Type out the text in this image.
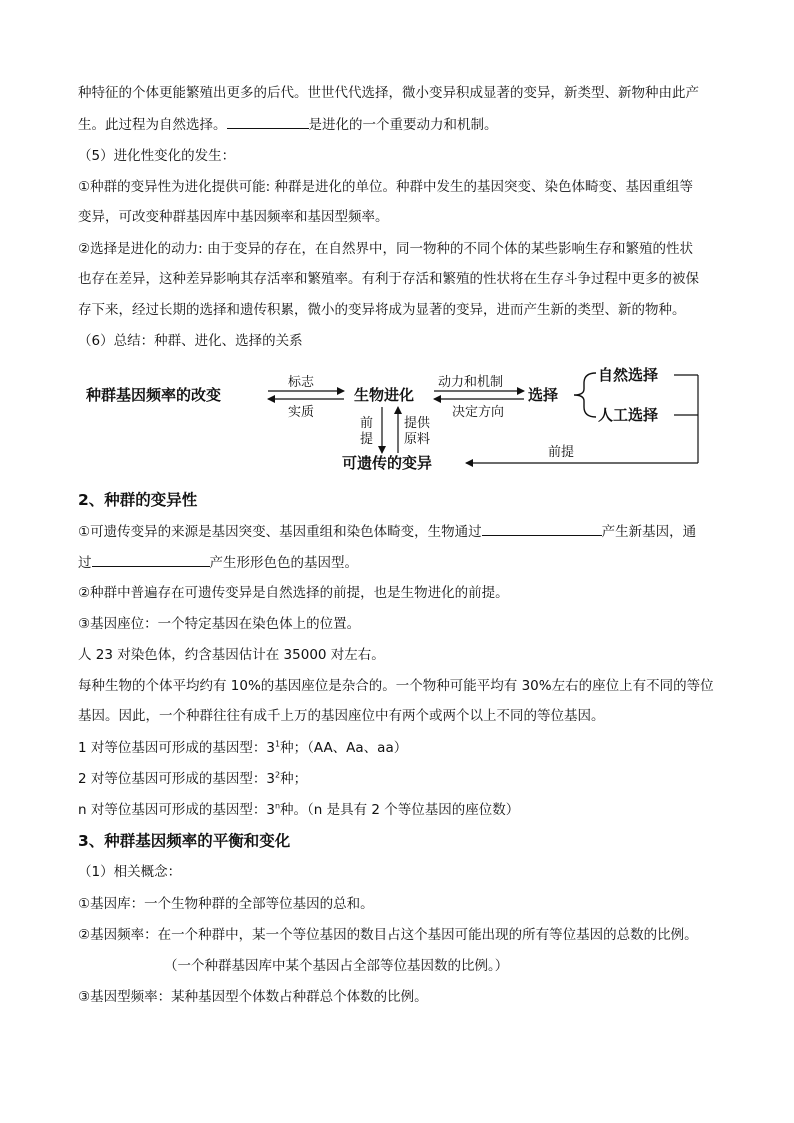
种特征的个体更能繁殖出更多的后代。世世代代选择，微小变异积成显著的变异，新类型、新物种由此产
生。此过程为自然选择。	是进化的一个重要动力和机制。
（5）进化性变化的发生：
①种群的变异性为进化提供可能: 种群是进化的单位。种群中发生的基因突变、染色体畸变、基因重组等
变异，可改变种群基因库中基因频率和基因型频率。
②选择是进化的动力: 由于变异的存在，在自然界中，同一物种的不同个体的某些影响生存和繁殖的性状
也存在差异，这种差异影响其存活率和繁殖率。有利于存活和繁殖的性状将在生存斗争过程中更多的被保
存下来，经过长期的选择和遗传积累，微小的变异将成为显著的变异，进而产生新的类型、新的物种。
（6）总结：种群、进化、选择的关系
种群基因频率的改变
标志
实质
生物进化
动力和机制
决定方向
选择
自然选择
人工选择
前提
前
提
提供
原料
可遗传的变异
2、种群的变异性
①可遗传变异的来源是基因突变、基因重组和染色体畸变，生物通过	产生新基因，通
过	产生形形色色的基因型。
②种群中普遍存在可遗传变异是自然选择的前提，也是生物进化的前提。
③基因座位：一个特定基因在染色体上的位置。
人 23 对染色体，约含基因估计在 35000 对左右。
每种生物的个体平均约有 10%的基因座位是杂合的。一个物种可能平均有 30%左右的座位上有不同的等位
基因。因此，一个种群往往有成千上万的基因座位中有两个或两个以上不同的等位基因。
1 对等位基因可形成的基因型：$3^1$种；（AA、Aa、aa）
2 对等位基因可形成的基因型：$3^2$种；
n 对等位基因可形成的基因型：3$^n$种。（n 是具有 2 个等位基因的座位数）
3、种群基因频率的平衡和变化
（1）相关概念：
①基因库：一个生物种群的全部等位基因的总和。
②基因频率：在一个种群中，某一个等位基因的数目占这个基因可能出现的所有等位基因的总数的比例。
（一个种群基因库中某个基因占全部等位基因数的比例。）
③基因型频率：某种基因型个体数占种群总个体数的比例。
